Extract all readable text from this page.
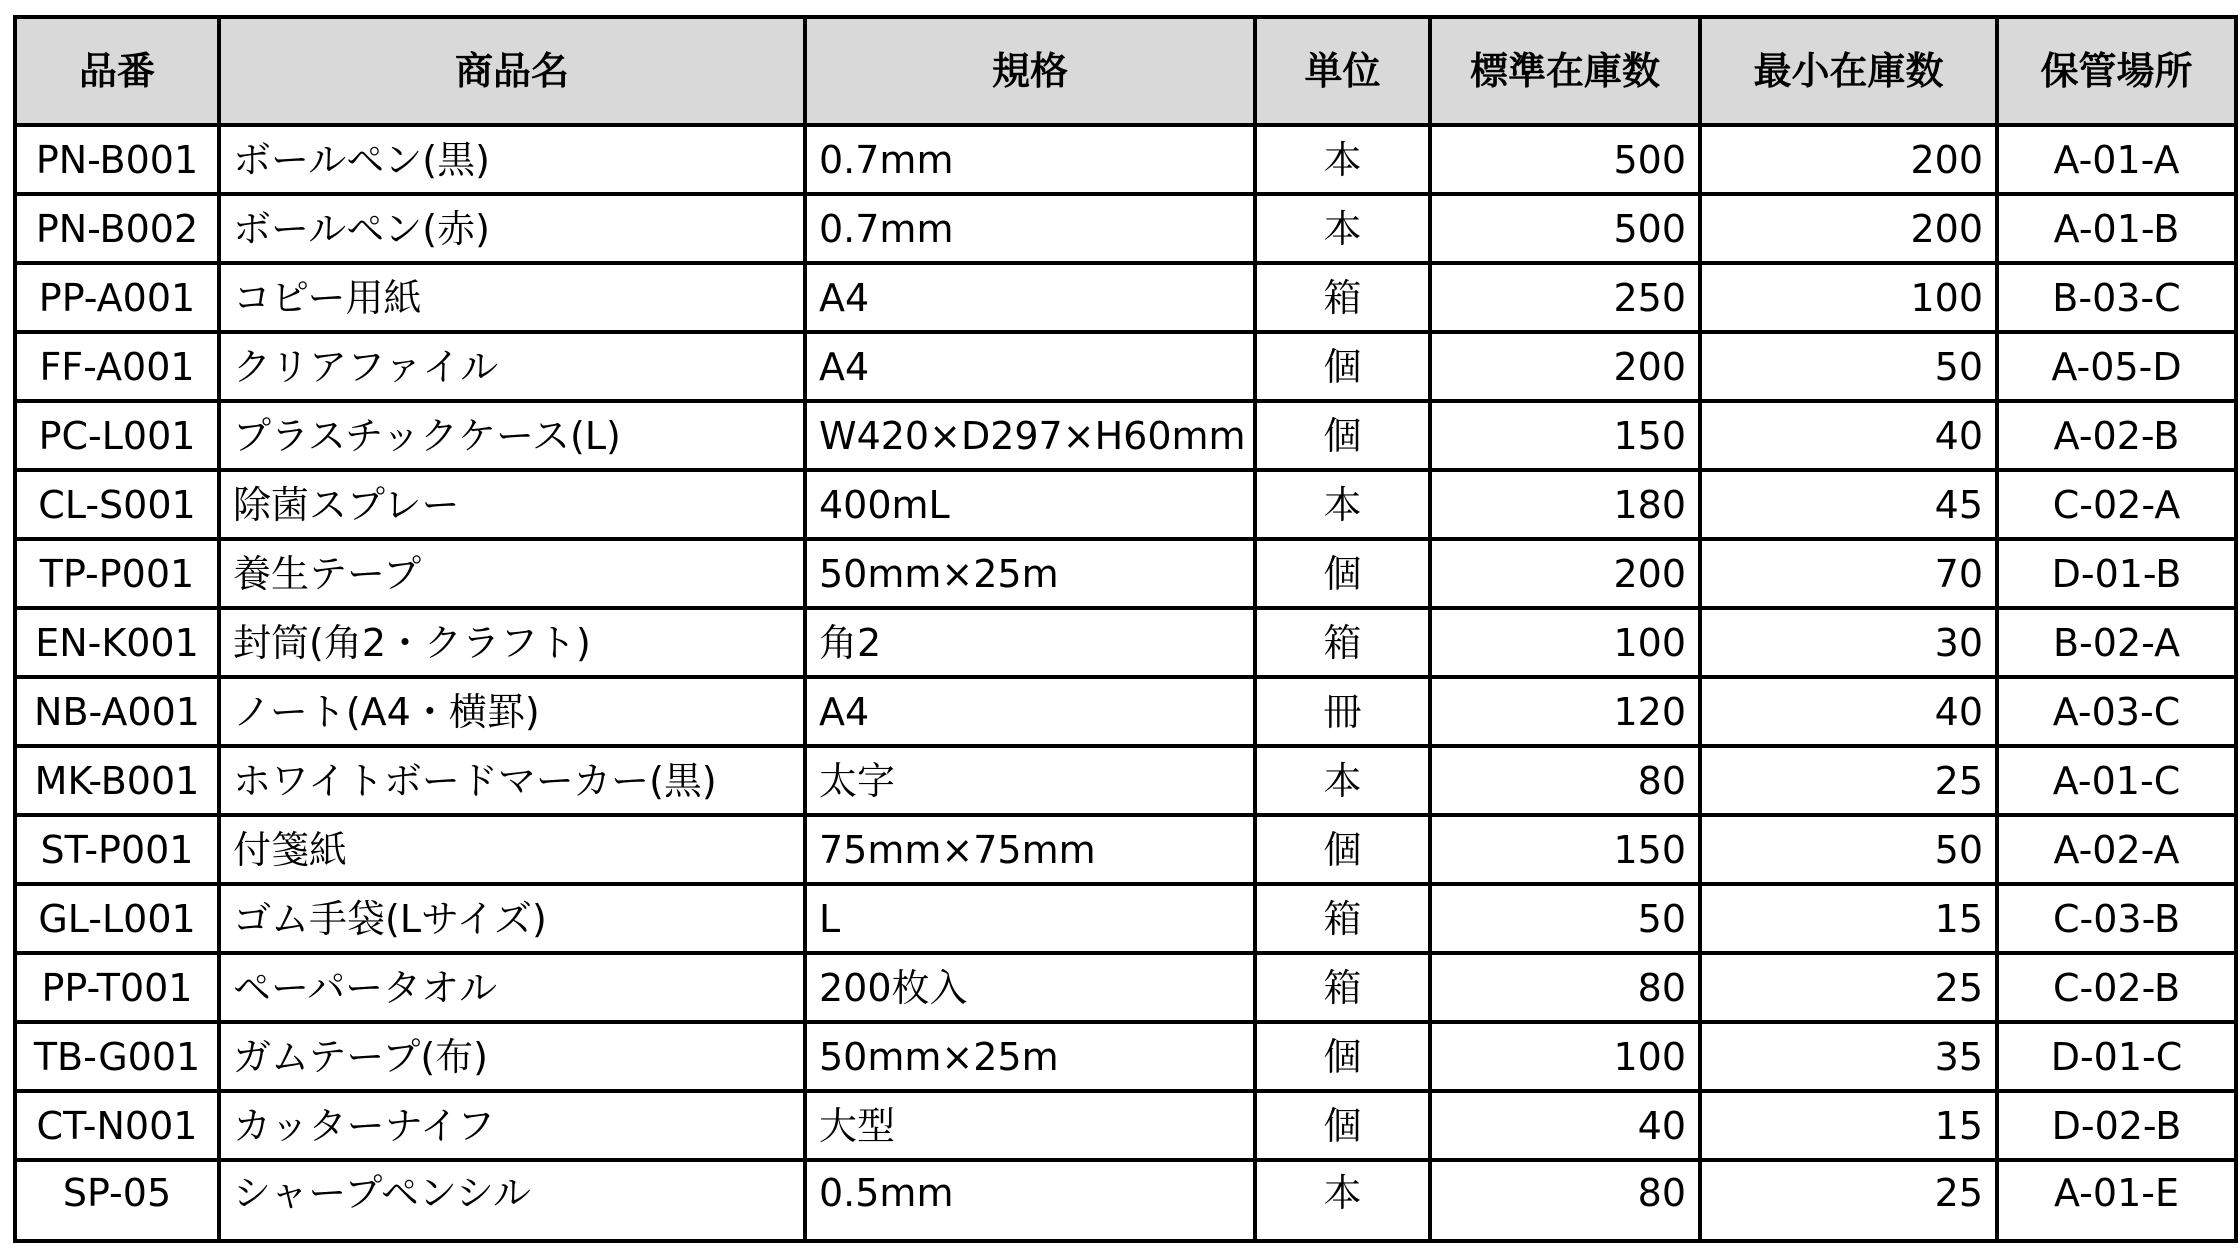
品番	商品名	規格	単位	標準在庫数	最小在庫数	保管場所
PN-B001	ボールペン(黒)	0.7mm	本	500	200	A-01-A
PN-B002	ボールペン(赤)	0.7mm	本	500	200	A-01-B
PP-A001	コピー用紙	A4	箱	250	100	B-03-C
FF-A001	クリアファイル	A4	個	200	50	A-05-D
PC-L001	プラスチックケース(L)	W420×D297×H60mm	個	150	40	A-02-B
CL-S001	除菌スプレー	400mL	本	180	45	C-02-A
TP-P001	養生テープ	50mm×25m	個	200	70	D-01-B
EN-K001	封筒(角2・クラフト)	角2	箱	100	30	B-02-A
NB-A001	ノート(A4・横罫)	A4	冊	120	40	A-03-C
MK-B001	ホワイトボードマーカー(黒)	太字	本	80	25	A-01-C
ST-P001	付箋紙	75mm×75mm	個	150	50	A-02-A
GL-L001	ゴム手袋(Lサイズ)	L	箱	50	15	C-03-B
PP-T001	ペーパータオル	200枚入	箱	80	25	C-02-B
TB-G001	ガムテープ(布)	50mm×25m	個	100	35	D-01-C
CT-N001	カッターナイフ	大型	個	40	15	D-02-B
SP-05	シャープペンシル	0.5mm	本	80	25	A-01-E
